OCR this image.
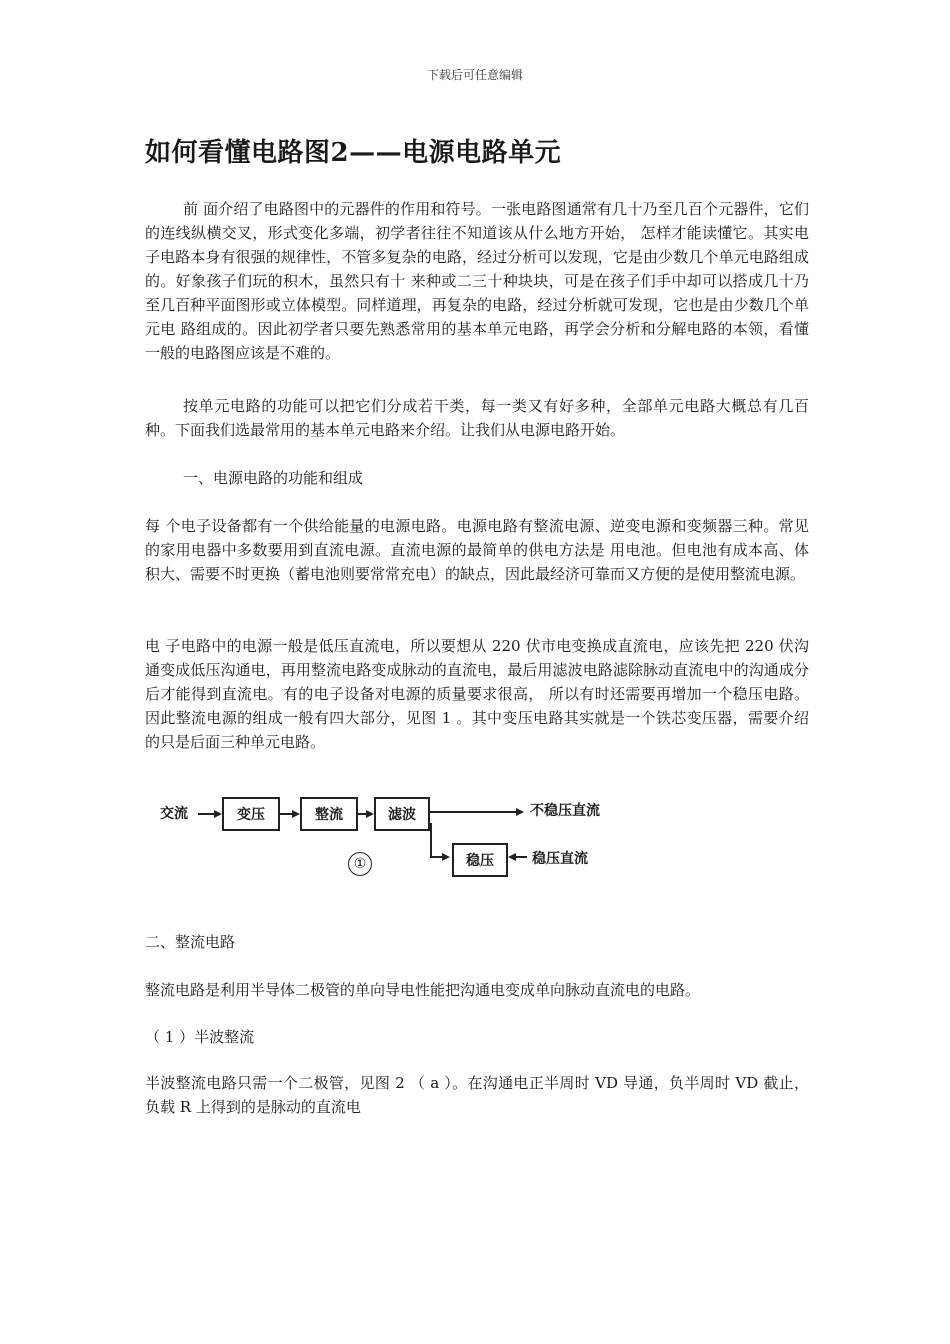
下载后可任意编辑
如何看懂电路图2——电源电路单元
前 面介绍了电路图中的元器件的作用和符号。一张电路图通常有几十乃至几百个元器件，它们的连线纵横交叉，形式变化多端，初学者往往不知道该从什么地方开始， 怎样才能读懂它。其实电子电路本身有很强的规律性，不管多复杂的电路，经过分析可以发现，它是由少数几个单元电路组成的。好象孩子们玩的积木，虽然只有十 来种或二三十种块块，可是在孩子们手中却可以搭成几十乃至几百种平面图形或立体模型。同样道理，再复杂的电路，经过分析就可发现，它也是由少数几个单元电 路组成的。因此初学者只要先熟悉常用的基本单元电路，再学会分析和分解电路的本领，看懂一般的电路图应该是不难的。
按单元电路的功能可以把它们分成若干类，每一类又有好多种，全部单元电路大概总有几百种。下面我们选最常用的基本单元电路来介绍。让我们从电源电路开始。
一、电源电路的功能和组成
每 个电子设备都有一个供给能量的电源电路。电源电路有整流电源、逆变电源和变频器三种。常见的家用电器中多数要用到直流电源。直流电源的最简单的供电方法是 用电池。但电池有成本高、体积大、需要不时更换（蓄电池则要常常充电）的缺点，因此最经济可靠而又方便的是使用整流电源。
电 子电路中的电源一般是低压直流电，所以要想从 220 伏市电变换成直流电，应该先把 220 伏沟通变成低压沟通电，再用整流电路变成脉动的直流电，最后用滤波电路滤除脉动直流电中的沟通成分后才能得到直流电。有的电子设备对电源的质量要求很高， 所以有时还需要再增加一个稳压电路。因此整流电源的组成一般有四大部分，见图 1 。其中变压电路其实就是一个铁芯变压器，需要介绍的只是后面三种单元电路。
交流	变压	整流	滤波	不稳压直流
稳压	稳压直流
①
二、整流电路
整流电路是利用半导体二极管的单向导电性能把沟通电变成单向脉动直流电的电路。
（ 1 ）半波整流
半波整流电路只需一个二极管，见图 2 （ a ）。在沟通电正半周时 VD 导通，负半周时 VD 截止，负载 R 上得到的是脉动的直流电
